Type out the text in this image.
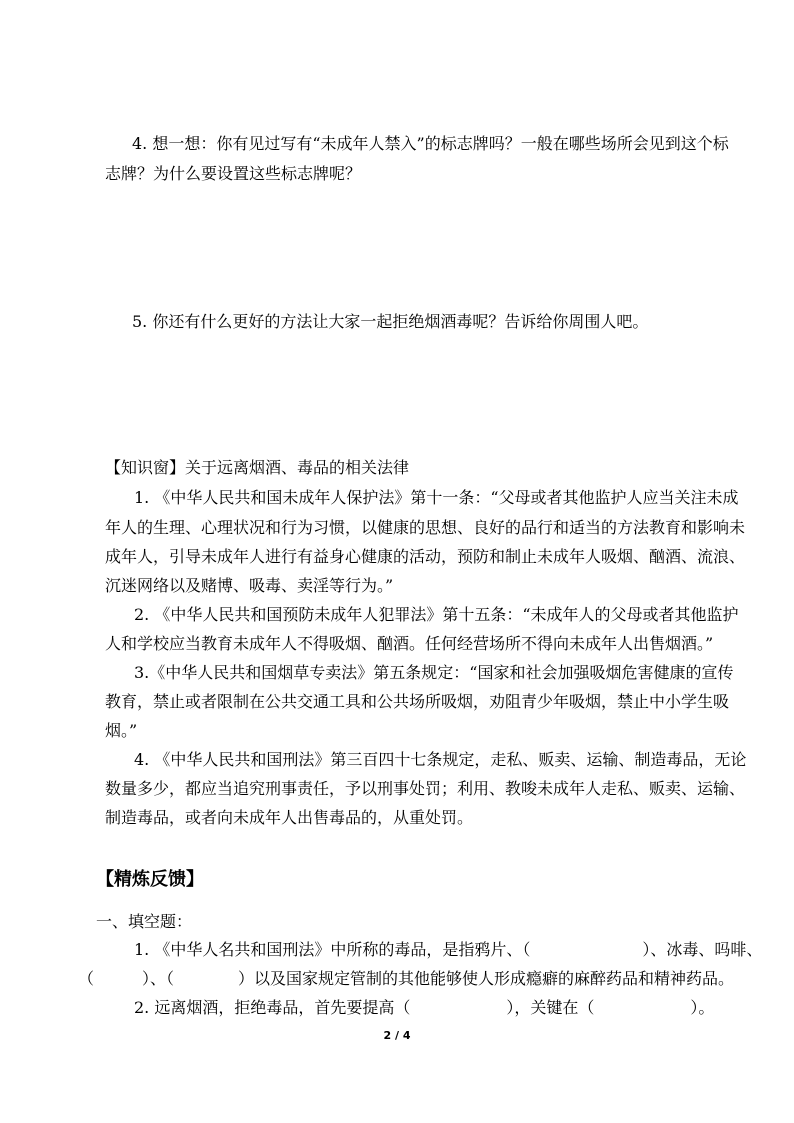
4. 想一想：你有见过写有“未成年人禁入”的标志牌吗？一般在哪些场所会见到这个标

志牌？为什么要设置这些标志牌呢？

5. 你还有什么更好的方法让大家一起拒绝烟酒毒呢？告诉给你周围人吧。

【知识窗】关于远离烟酒、毒品的相关法律

1. 《中华人民共和国未成年人保护法》第十一条：“父母或者其他监护人应当关注未成

年人的生理、心理状况和行为习惯，以健康的思想、良好的品行和适当的方法教育和影响未

成年人，引导未成年人进行有益身心健康的活动，预防和制止未成年人吸烟、酗酒、流浪、

沉迷网络以及赌博、吸毒、卖淫等行为。”

2. 《中华人民共和国预防未成年人犯罪法》第十五条：“未成年人的父母或者其他监护

人和学校应当教育未成年人不得吸烟、酗酒。任何经营场所不得向未成年人出售烟酒。”

3.《中华人民共和国烟草专卖法》第五条规定：“国家和社会加强吸烟危害健康的宣传

教育，禁止或者限制在公共交通工具和公共场所吸烟，劝阻青少年吸烟，禁止中小学生吸

烟。”

4. 《中华人民共和国刑法》第三百四十七条规定，走私、贩卖、运输、制造毒品，无论

数量多少，都应当追究刑事责任，予以刑事处罚；利用、教唆未成年人走私、贩卖、运输、

制造毒品，或者向未成年人出售毒品的，从重处罚。

【精炼反馈】

一、填空题：

1. 《中华人名共和国刑法》中所称的毒品，是指鸦片、（　　　　　　　）、冰毒、吗啡、

（　　　）、（　　　　）以及国家规定管制的其他能够使人形成瘾癖的麻醉药品和精神药品。

2. 远离烟酒，拒绝毒品，首先要提高（　　　　　　），关键在（　　　　　　）。

2 / 4
